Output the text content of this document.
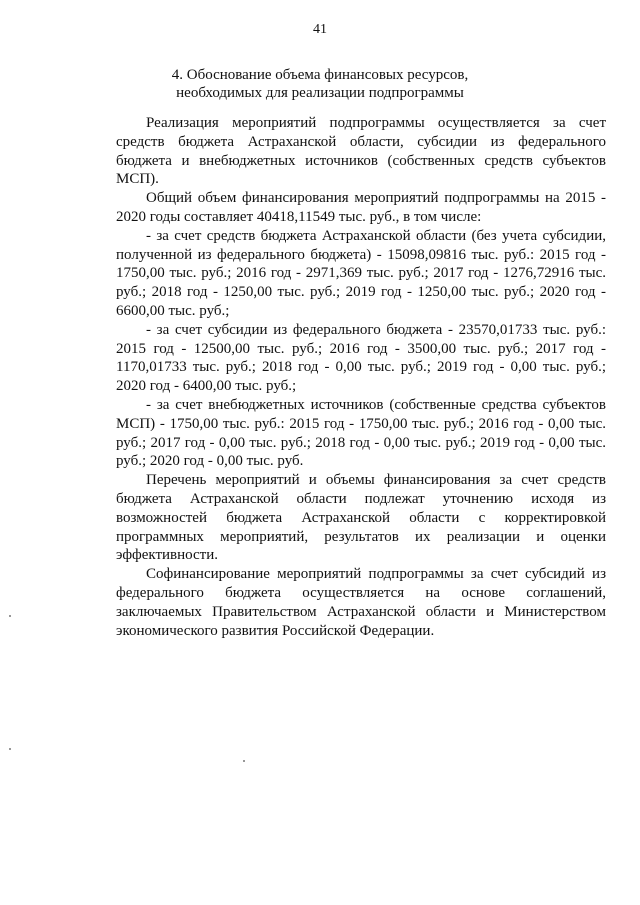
41
4. Обоснование объема финансовых ресурсов,
необходимых для реализации подпрограммы

Реализация мероприятий подпрограммы осуществляется за счет средств бюджета Астраханской области, субсидии из федерального бюджета и внебюджетных источников (собственных средств субъектов МСП).

Общий объем финансирования мероприятий подпрограммы на 2015 - 2020 годы составляет 40418,11549 тыс. руб., в том числе:

- за счет средств бюджета Астраханской области (без учета субсидии, полученной из федерального бюджета) - 15098,09816 тыс. руб.: 2015 год - 1750,00 тыс. руб.; 2016 год - 2971,369 тыс. руб.; 2017 год - 1276,72916 тыс. руб.; 2018 год - 1250,00 тыс. руб.; 2019 год - 1250,00 тыс. руб.; 2020 год - 6600,00 тыс. руб.;

- за счет субсидии из федерального бюджета - 23570,01733 тыс. руб.: 2015 год - 12500,00 тыс. руб.; 2016 год - 3500,00 тыс. руб.; 2017 год - 1170,01733 тыс. руб.; 2018 год - 0,00 тыс. руб.; 2019 год - 0,00 тыс. руб.; 2020 год - 6400,00 тыс. руб.;

- за счет внебюджетных источников (собственные средства субъектов МСП) - 1750,00 тыс. руб.: 2015 год - 1750,00 тыс. руб.; 2016 год - 0,00 тыс. руб.; 2017 год - 0,00 тыс. руб.; 2018 год - 0,00 тыс. руб.; 2019 год - 0,00 тыс. руб.; 2020 год - 0,00 тыс. руб.

Перечень мероприятий и объемы финансирования за счет средств бюджета Астраханской области подлежат уточнению исходя из возможностей бюджета Астраханской области с корректировкой программных мероприятий, результатов их реализации и оценки эффективности.

Софинансирование мероприятий подпрограммы за счет субсидий из федерального бюджета осуществляется на основе соглашений, заключаемых Правительством Астраханской области и Министерством экономического развития Российской Федерации.
